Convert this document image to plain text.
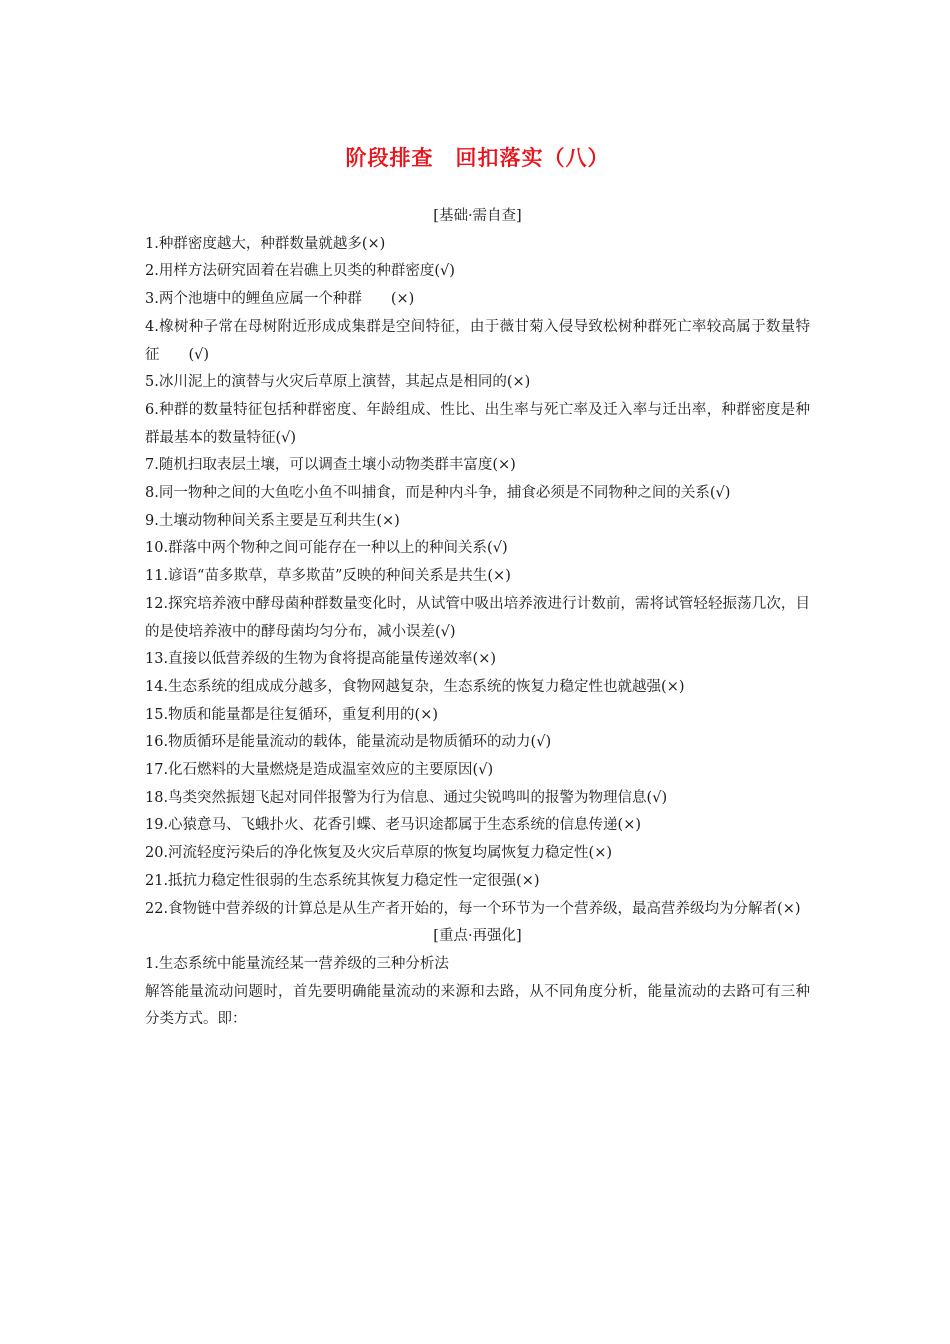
阶段排查　回扣落实（八）

[基础·需自查]

1.种群密度越大，种群数量就越多(×)

2.用样方法研究固着在岩礁上贝类的种群密度(√)

3.两个池塘中的鲤鱼应属一个种群　　(×)

4.橡树种子常在母树附近形成成集群是空间特征，由于薇甘菊入侵导致松树种群死亡率较高属于数量特征　　(√)

5.冰川泥上的演替与火灾后草原上演替，其起点是相同的(×)

6.种群的数量特征包括种群密度、年龄组成、性比、出生率与死亡率及迁入率与迁出率，种群密度是种群最基本的数量特征(√)

7.随机扫取表层土壤，可以调查土壤小动物类群丰富度(×)

8.同一物种之间的大鱼吃小鱼不叫捕食，而是种内斗争，捕食必须是不同物种之间的关系(√)

9.土壤动物种间关系主要是互利共生(×)

10.群落中两个物种之间可能存在一种以上的种间关系(√)

11.谚语“苗多欺草，草多欺苗”反映的种间关系是共生(×)

12.探究培养液中酵母菌种群数量变化时，从试管中吸出培养液进行计数前，需将试管轻轻振荡几次，目的是使培养液中的酵母菌均匀分布，减小误差(√)

13.直接以低营养级的生物为食将提高能量传递效率(×)

14.生态系统的组成成分越多，食物网越复杂，生态系统的恢复力稳定性也就越强(×)

15.物质和能量都是往复循环，重复利用的(×)

16.物质循环是能量流动的载体，能量流动是物质循环的动力(√)

17.化石燃料的大量燃烧是造成温室效应的主要原因(√)

18.鸟类突然振翅飞起对同伴报警为行为信息、通过尖锐鸣叫的报警为物理信息(√)

19.心猿意马、飞蛾扑火、花香引蝶、老马识途都属于生态系统的信息传递(×)

20.河流轻度污染后的净化恢复及火灾后草原的恢复均属恢复力稳定性(×)

21.抵抗力稳定性很弱的生态系统其恢复力稳定性一定很强(×)

22.食物链中营养级的计算总是从生产者开始的，每一个环节为一个营养级，最高营养级均为分解者(×)

[重点·再强化]

1.生态系统中能量流经某一营养级的三种分析法

解答能量流动问题时，首先要明确能量流动的来源和去路，从不同角度分析，能量流动的去路可有三种分类方式。即：
